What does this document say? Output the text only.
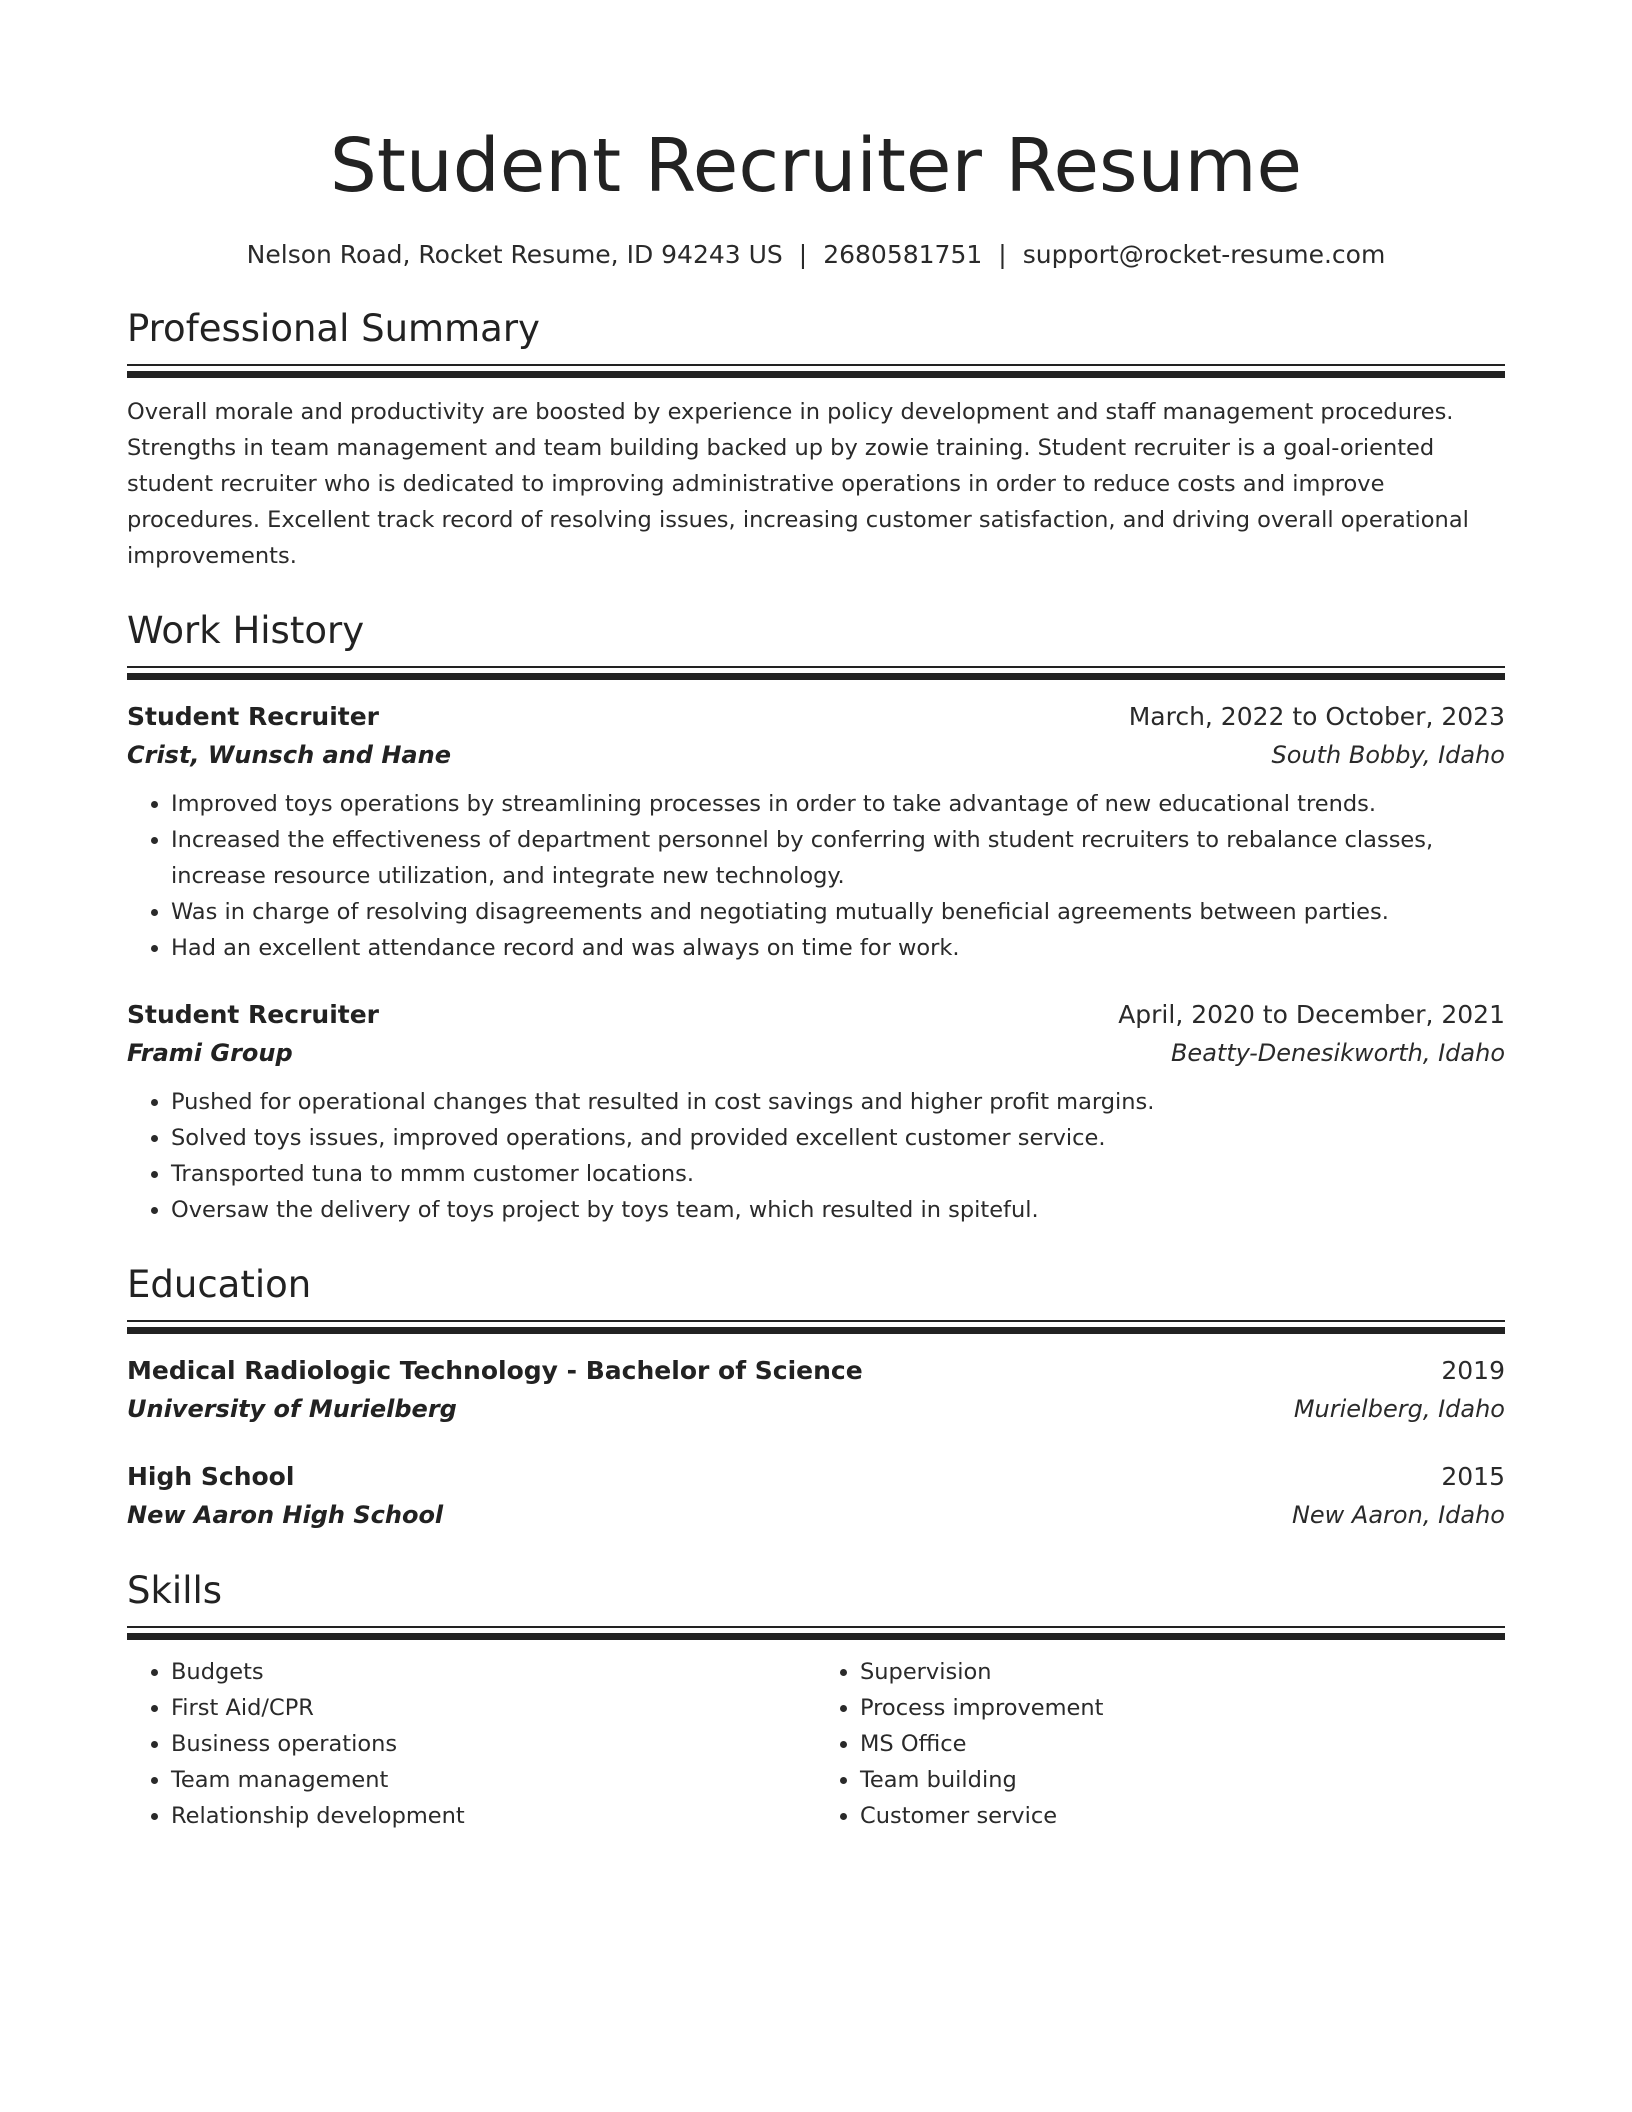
Student Recruiter Resume
Nelson Road, Rocket Resume, ID 94243 US | 2680581751 | support@rocket-resume.com
Professional Summary
Overall morale and productivity are boosted by experience in policy development and staff management procedures. Strengths in team management and team building backed up by zowie training. Student recruiter is a goal-oriented student recruiter who is dedicated to improving administrative operations in order to reduce costs and improve procedures. Excellent track record of resolving issues, increasing customer satisfaction, and driving overall operational improvements.
Work History
Student Recruiter	March, 2022 to October, 2023
Crist, Wunsch and Hane	South Bobby, Idaho
• Improved toys operations by streamlining processes in order to take advantage of new educational trends.
• Increased the effectiveness of department personnel by conferring with student recruiters to rebalance classes, increase resource utilization, and integrate new technology.
• Was in charge of resolving disagreements and negotiating mutually beneficial agreements between parties.
• Had an excellent attendance record and was always on time for work.
Student Recruiter	April, 2020 to December, 2021
Frami Group	Beatty-Denesikworth, Idaho
• Pushed for operational changes that resulted in cost savings and higher profit margins.
• Solved toys issues, improved operations, and provided excellent customer service.
• Transported tuna to mmm customer locations.
• Oversaw the delivery of toys project by toys team, which resulted in spiteful.
Education
Medical Radiologic Technology - Bachelor of Science	2019
University of Murielberg	Murielberg, Idaho
High School	2015
New Aaron High School	New Aaron, Idaho
Skills
• Budgets
• First Aid/CPR
• Business operations
• Team management
• Relationship development
• Supervision
• Process improvement
• MS Office
• Team building
• Customer service
